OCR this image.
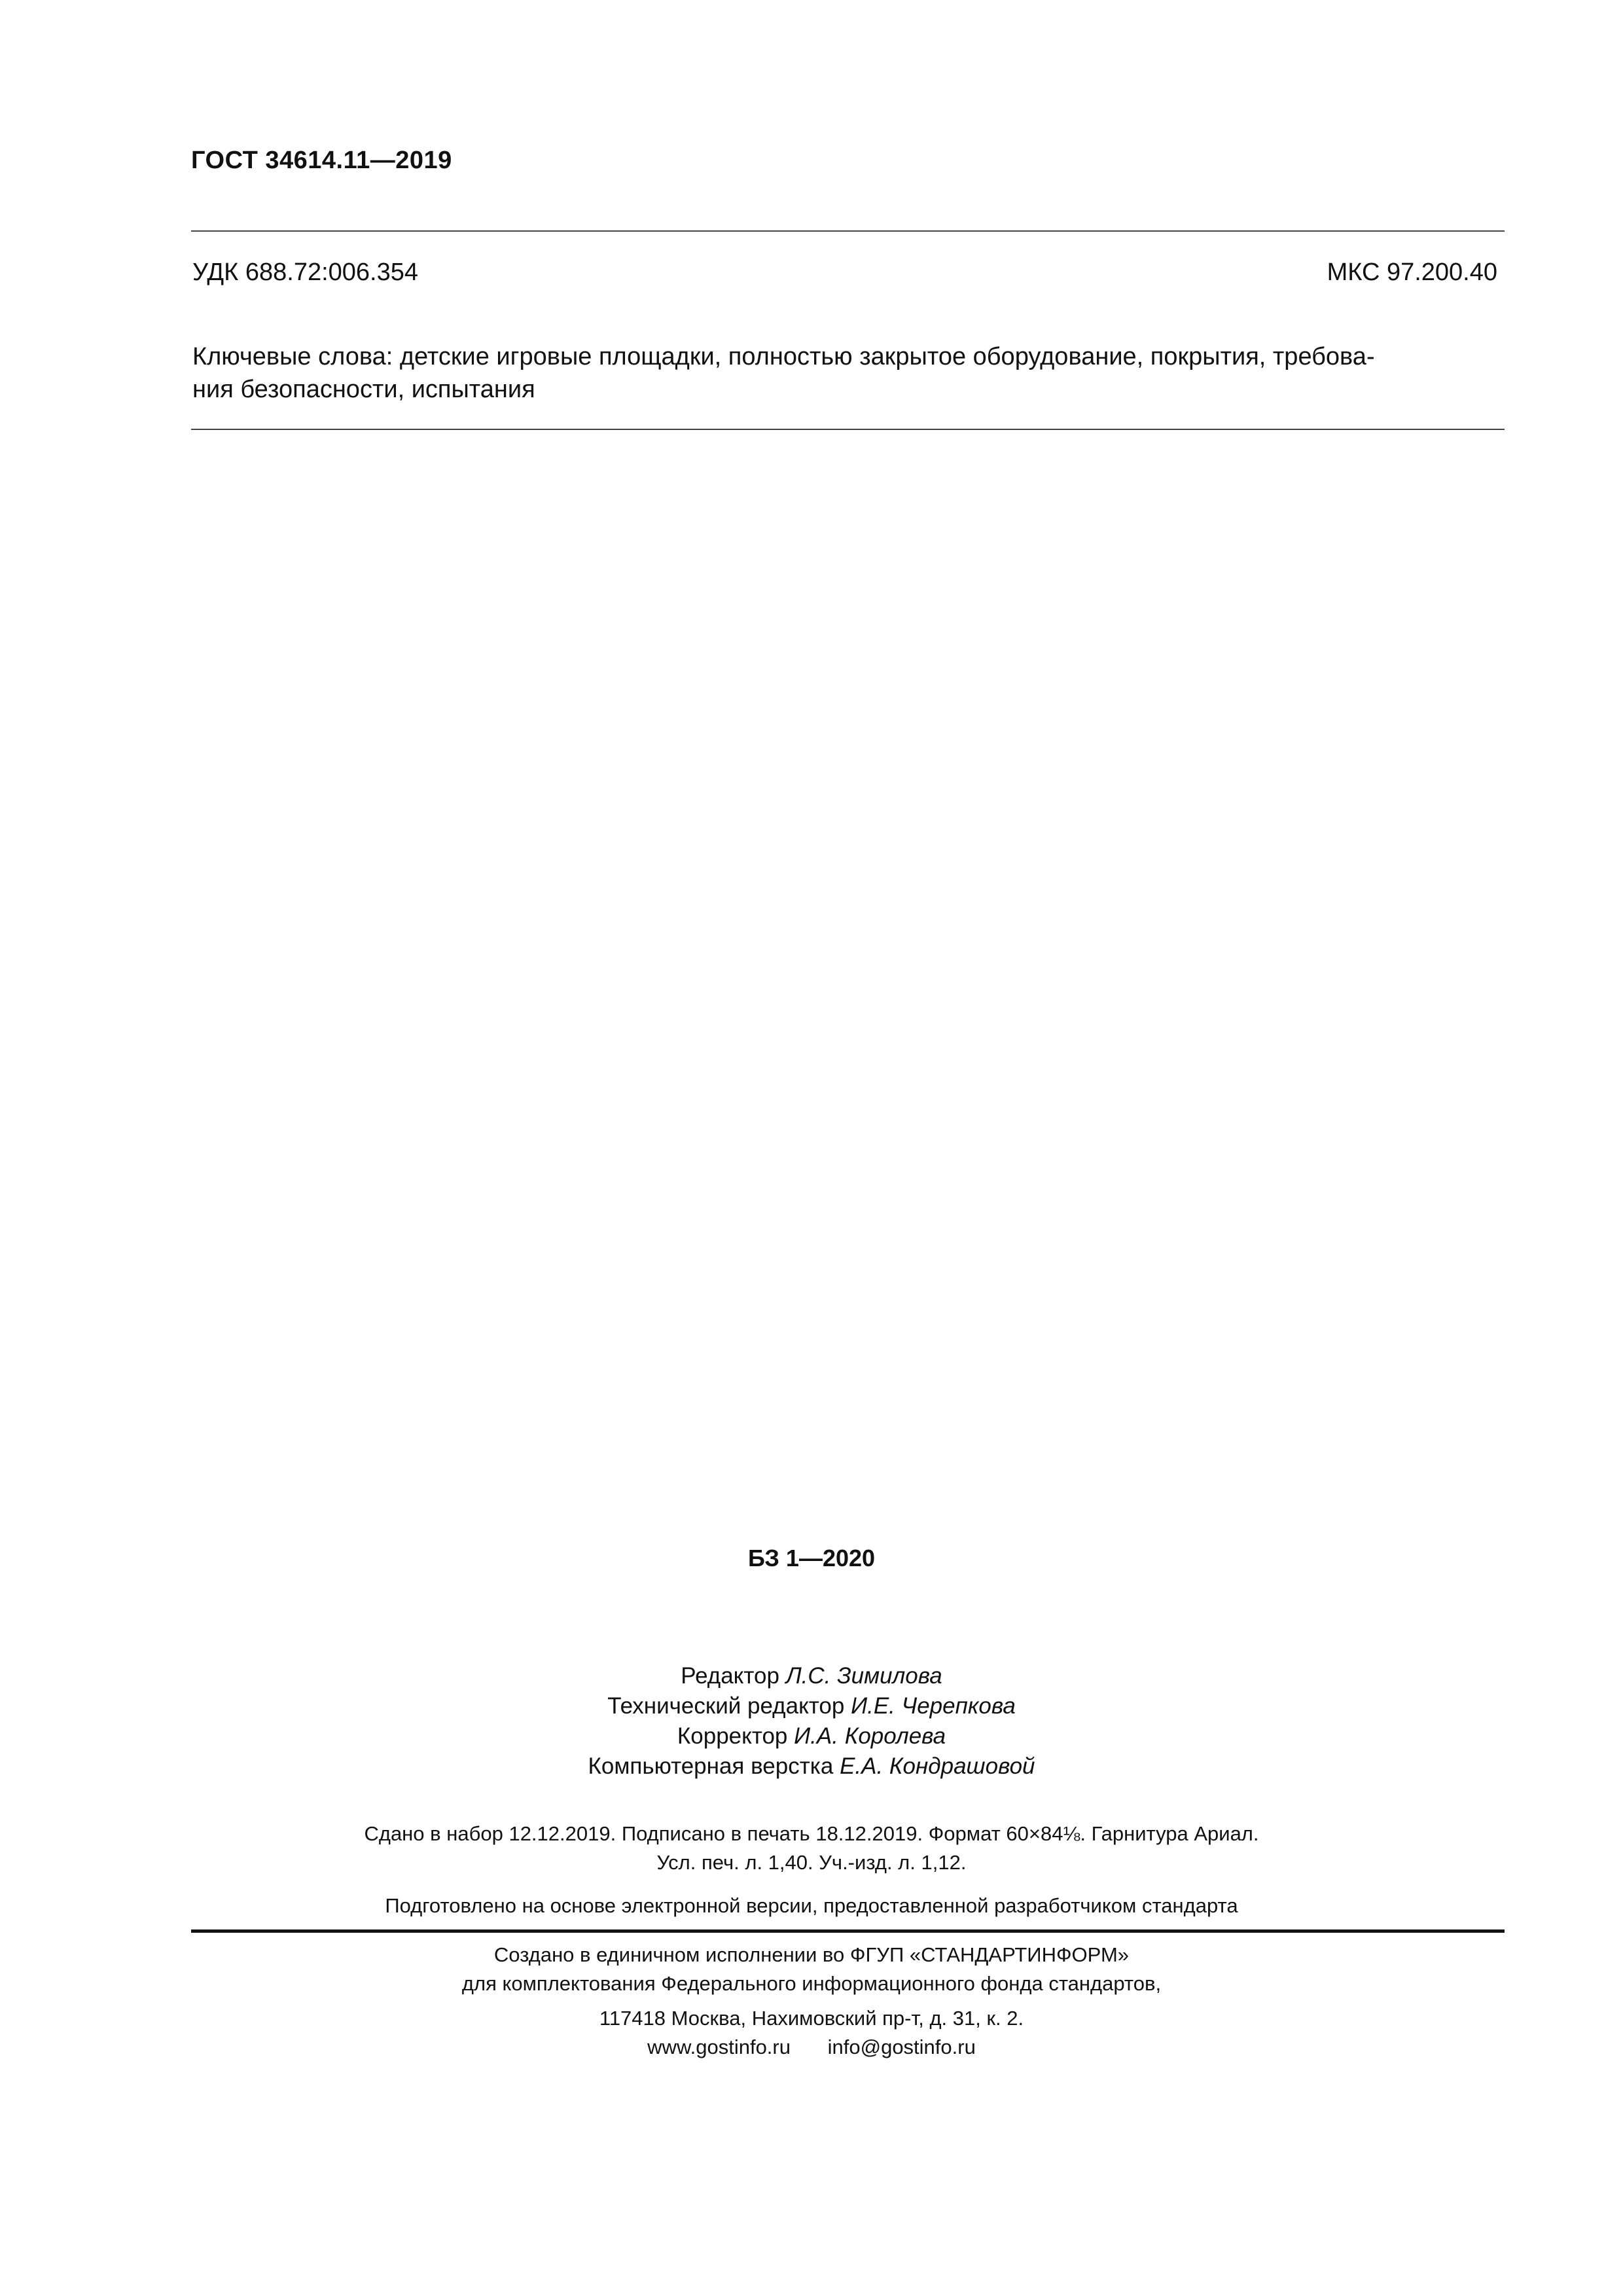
ГОСТ 34614.11—2019
УДК 688.72:006.354	МКС 97.200.40
Ключевые слова: детские игровые площадки, полностью закрытое оборудование, покрытия, требова-
ния безопасности, испытания
БЗ 1—2020
Редактор Л.С. Зимилова
Технический редактор И.Е. Черепкова
Корректор И.А. Королева
Компьютерная верстка Е.А. Кондрашовой
Сдано в набор 12.12.2019. Подписано в печать 18.12.2019. Формат 60×84⅛. Гарнитура Ариал.
Усл. печ. л. 1,40. Уч.-изд. л. 1,12.
Подготовлено на основе электронной версии, предоставленной разработчиком стандарта
Создано в единичном исполнении во ФГУП «СТАНДАРТИНФОРМ»
для комплектования Федерального информационного фонда стандартов,
117418 Москва, Нахимовский пр-т, д. 31, к. 2.
www.gostinfo.ru info@gostinfo.ru
